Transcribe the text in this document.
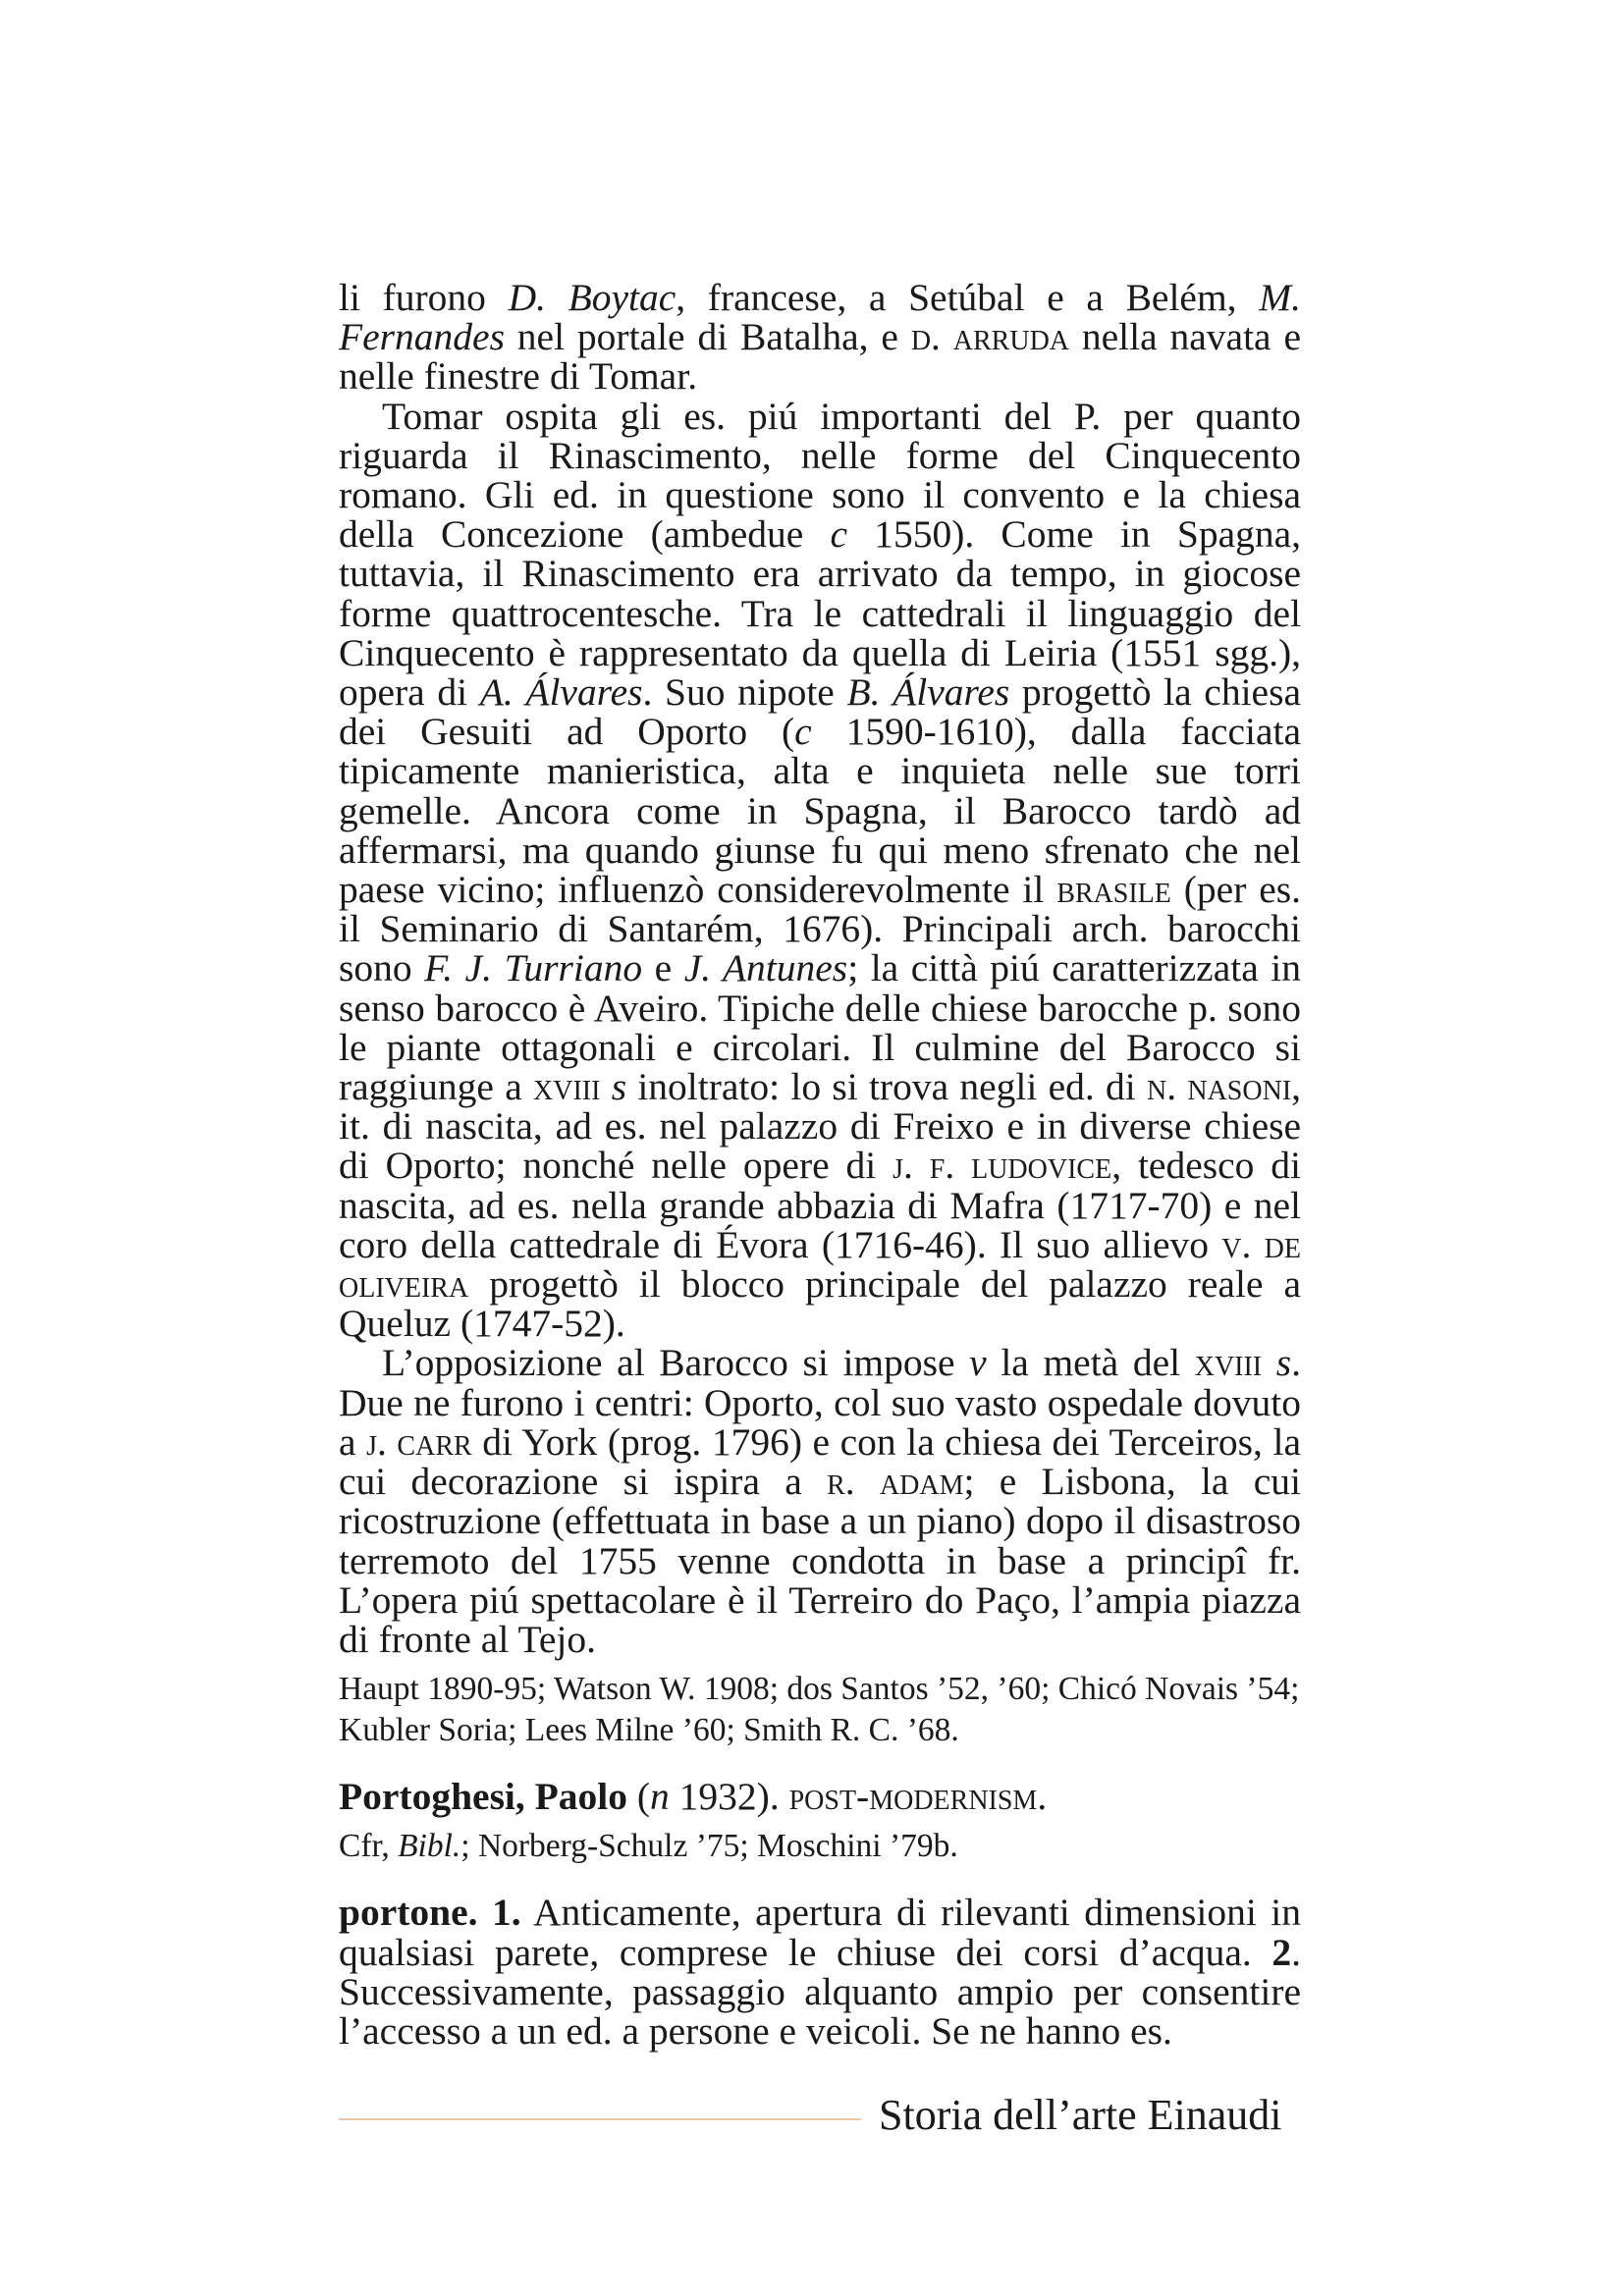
li furono D. Boytac, francese, a Setúbal e a Belém, M. Fernandes nel portale di Batalha, e d. arruda nella navata e nelle finestre di Tomar.

Tomar ospita gli es. piú importanti del P. per quanto riguarda il Rinascimento, nelle forme del Cinquecento romano. Gli ed. in questione sono il convento e la chiesa della Concezione (ambedue c 1550). Come in Spagna, tuttavia, il Rinascimento era arrivato da tempo, in giocose forme quattrocentesche. Tra le cattedrali il linguaggio del Cinquecento è rappresentato da quella di Leiria (1551 sgg.), opera di A. Álvares. Suo nipote B. Álvares progettò la chiesa dei Gesuiti ad Oporto (c 1590-1610), dalla facciata tipicamente manieristica, alta e inquieta nelle sue torri gemelle. Ancora come in Spagna, il Barocco tardò ad affermarsi, ma quando giunse fu qui meno sfrenato che nel paese vicino; influenzò considerevolmente il brasile (per es. il Seminario di Santarém, 1676). Principali arch. barocchi sono F. J. Turriano e J. Antunes; la città piú caratterizzata in senso barocco è Aveiro. Tipiche delle chiese barocche p. sono le piante ottagonali e circolari. Il culmine del Barocco si raggiunge a xviii s inoltrato: lo si trova negli ed. di n. nasoni, it. di nascita, ad es. nel palazzo di Freixo e in diverse chiese di Oporto; nonché nelle opere di j. f. ludovice, tedesco di nascita, ad es. nella grande abbazia di Mafra (1717-70) e nel coro della cattedrale di Évora (1716-46). Il suo allievo v. de oliveira progettò il blocco principale del palazzo reale a Queluz (1747-52).

L’opposizione al Barocco si impose v la metà del xviii s. Due ne furono i centri: Oporto, col suo vasto ospedale dovuto a j. carr di York (prog. 1796) e con la chiesa dei Terceiros, la cui decorazione si ispira a r. adam; e Lisbona, la cui ricostruzione (effettuata in base a un piano) dopo il disastroso terremoto del 1755 venne condotta in base a principî fr. L’opera piú spettacolare è il Terreiro do Paço, l’ampia piazza di fronte al Tejo.

Haupt 1890-95; Watson W. 1908; dos Santos ’52, ’60; Chicó Novais ’54; Kubler Soria; Lees Milne ’60; Smith R. C. ’68.

Portoghesi, Paolo (n 1932). post-modernism.

Cfr, Bibl.; Norberg-Schulz ’75; Moschini ’79b.

portone. 1. Anticamente, apertura di rilevanti dimensioni in qualsiasi parete, comprese le chiuse dei corsi d’acqua. 2. Successivamente, passaggio alquanto ampio per consentire l’accesso a un ed. a persone e veicoli. Se ne hanno es.

Storia dell’arte Einaudi
